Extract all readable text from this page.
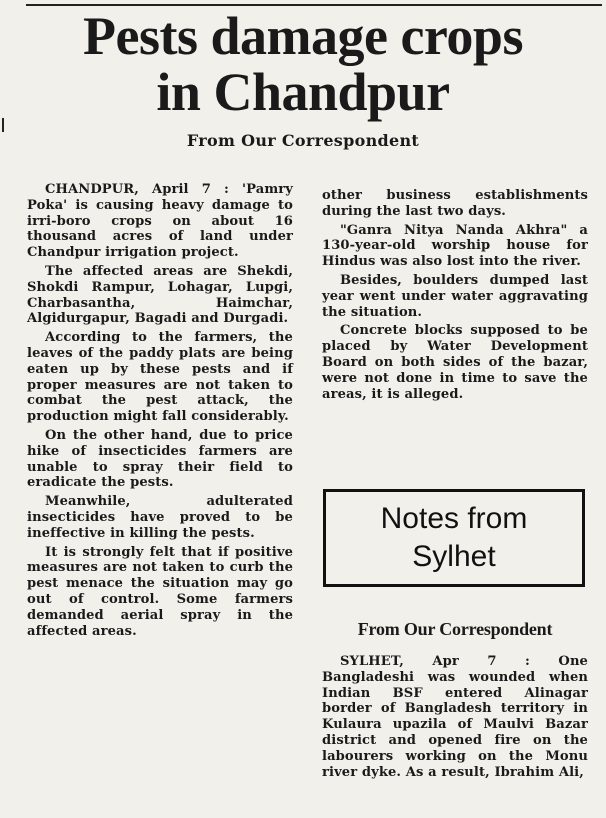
Pests damage crops
in Chandpur
From Our Correspondent

CHANDPUR, April 7 : 'Pamry Poka' is causing heavy damage to irri-boro crops on about 16 thousand acres of land under Chandpur irrigation project.

The affected areas are Shekdi, Shokdi Rampur, Lohagar, Lupgi, Charbasantha, Haimchar, Algidurgapur, Bagadi and Durgadi.

According to the farmers, the leaves of the paddy plats are being eaten up by these pests and if proper measures are not taken to combat the pest attack, the production might fall considerably.

On the other hand, due to price hike of insecticides farmers are unable to spray their field to eradicate the pests.

Meanwhile, adulterated insecticides have proved to be ineffective in killing the pests.

It is strongly felt that if positive measures are not taken to curb the pest menace the situation may go out of control. Some farmers demanded aerial spray in the affected areas.

other business establishments during the last two days.

"Ganra Nitya Nanda Akhra" a 130-year-old worship house for Hindus was also lost into the river.

Besides, boulders dumped last year went under water aggravating the situation.

Concrete blocks supposed to be placed by Water Development Board on both sides of the bazar, were not done in time to save the areas, it is alleged.

Notes from
Sylhet
From Our Correspondent

SYLHET, Apr 7 : One Bangladeshi was wounded when Indian BSF entered Alinagar border of Bangladesh territory in Kulaura upazila of Maulvi Bazar district and opened fire on the labourers working on the Monu river dyke. As a result, Ibrahim Ali,
